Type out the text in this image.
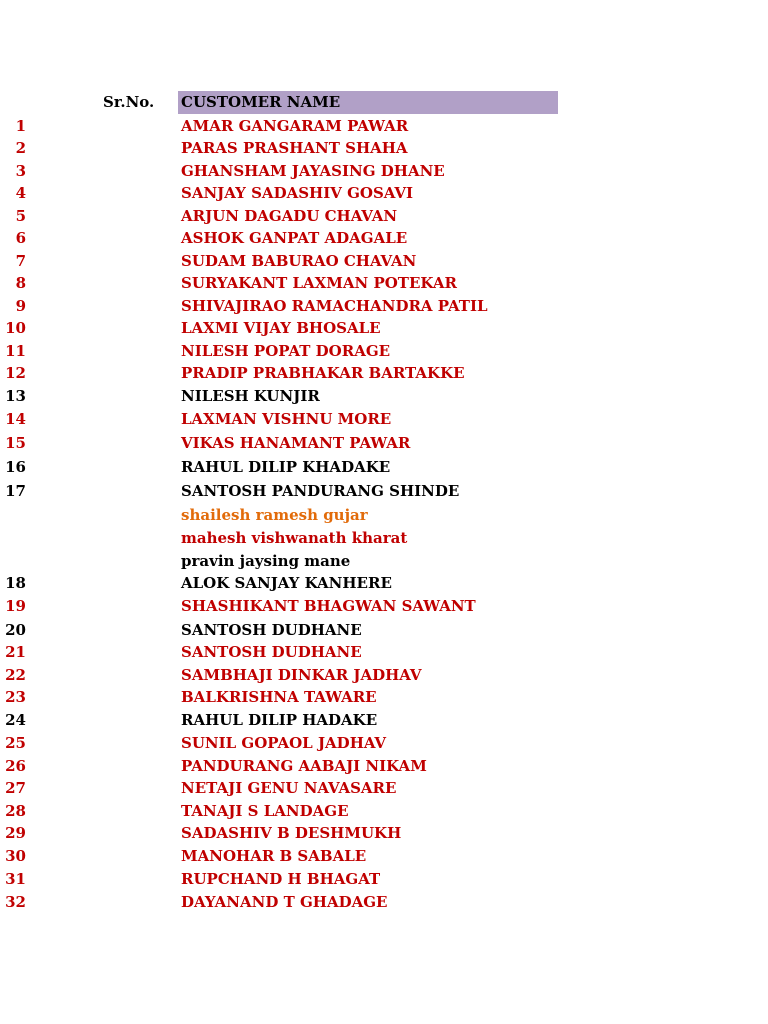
Sr.No. CUSTOMER NAME
1	AMAR GANGARAM PAWAR
2	PARAS PRASHANT SHAHA
3	GHANSHAM JAYASING DHANE
4	SANJAY SADASHIV GOSAVI
5	ARJUN DAGADU CHAVAN
6	ASHOK GANPAT ADAGALE
7	SUDAM BABURAO CHAVAN
8	SURYAKANT LAXMAN POTEKAR
9	SHIVAJIRAO RAMACHANDRA PATIL
10	LAXMI VIJAY BHOSALE
11	NILESH POPAT DORAGE
12	PRADIP PRABHAKAR BARTAKKE
13	NILESH KUNJIR
14	LAXMAN VISHNU MORE
15	VIKAS HANAMANT PAWAR
16	RAHUL DILIP KHADAKE
17	SANTOSH PANDURANG SHINDE
shailesh ramesh gujar
mahesh vishwanath kharat
pravin jaysing mane
18	ALOK SANJAY KANHERE
19	SHASHIKANT BHAGWAN SAWANT
20	SANTOSH DUDHANE
21	SANTOSH DUDHANE
22	SAMBHAJI DINKAR JADHAV
23	BALKRISHNA TAWARE
24	RAHUL DILIP HADAKE
25	SUNIL GOPAOL JADHAV
26	PANDURANG AABAJI NIKAM
27	NETAJI GENU NAVASARE
28	TANAJI S LANDAGE
29	SADASHIV B DESHMUKH
30	MANOHAR B SABALE
31	RUPCHAND H BHAGAT
32	DAYANAND T GHADAGE
